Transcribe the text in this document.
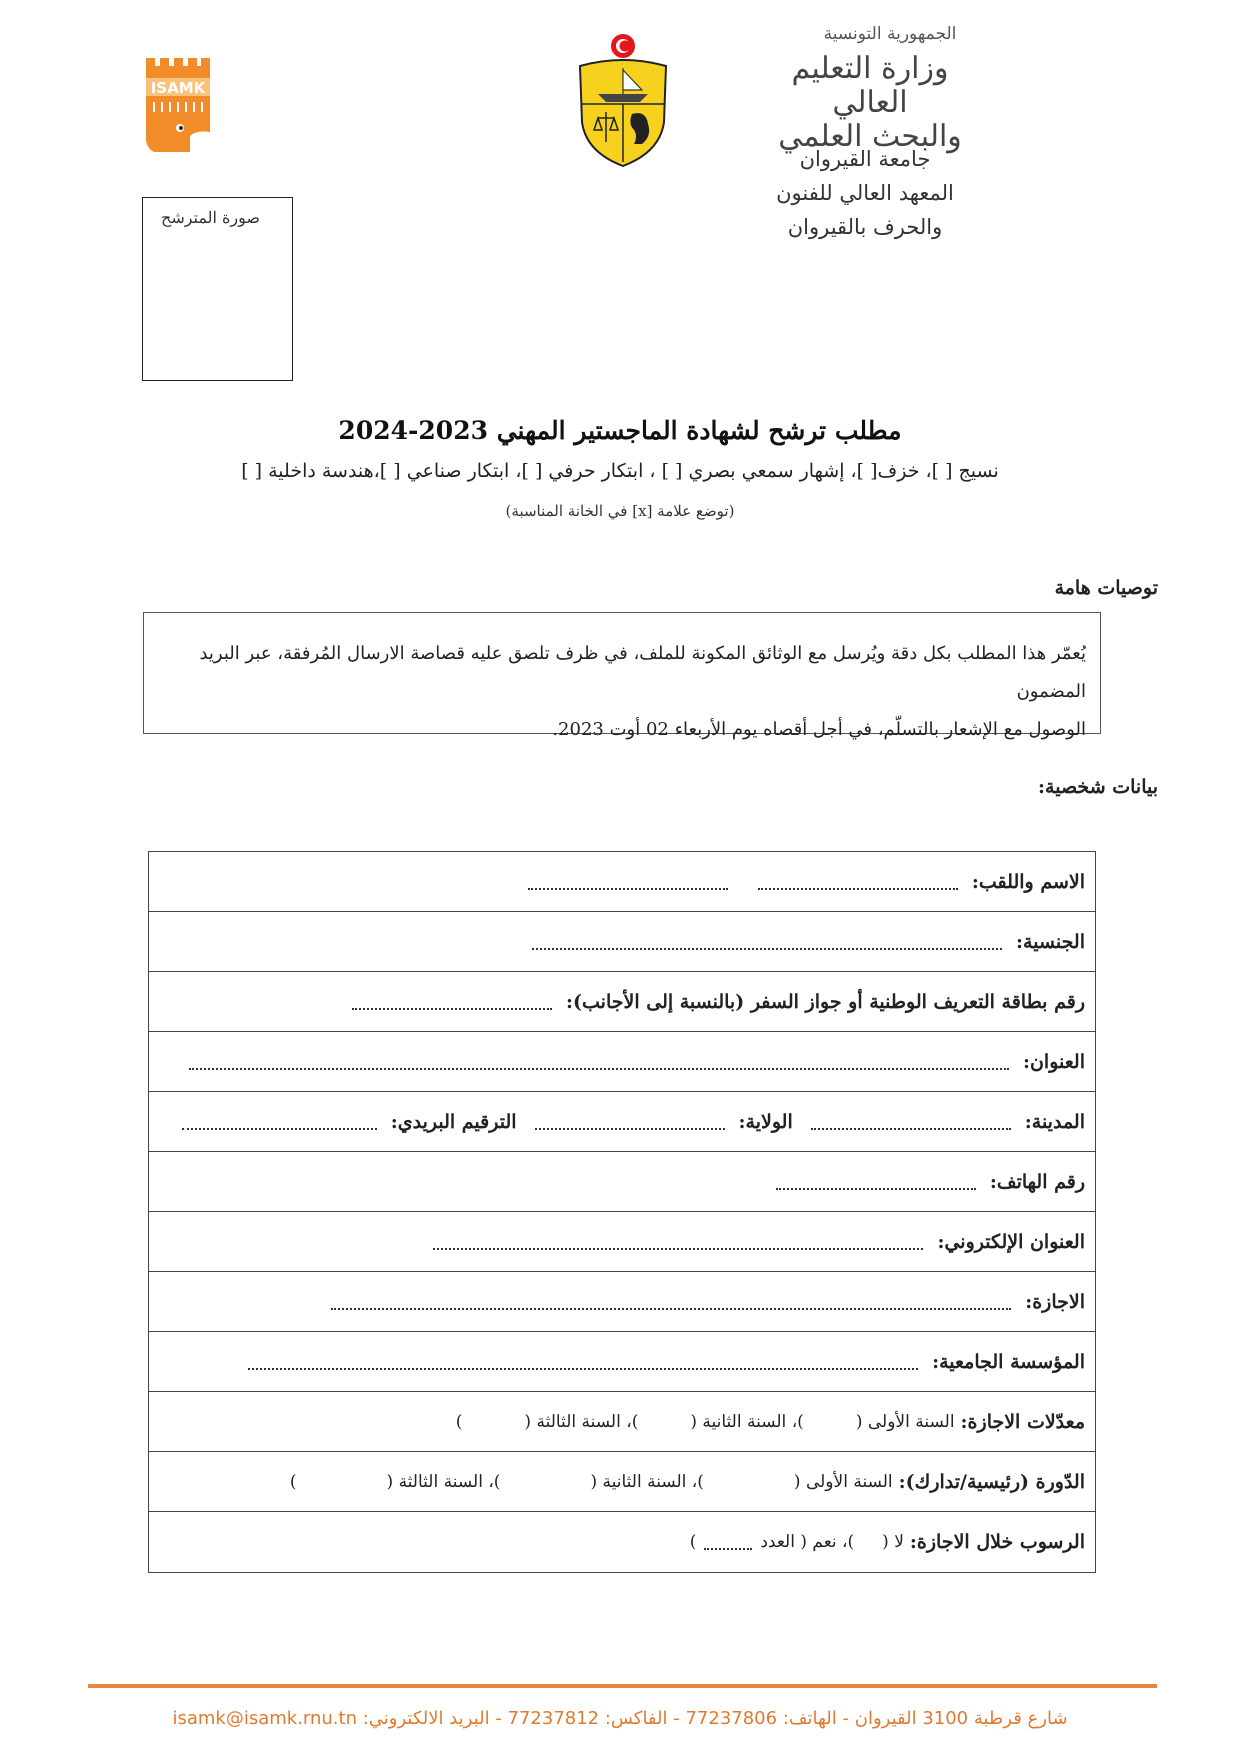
الجمهورية التونسية
وزارة التعليم العالي
والبحث العلمي
جامعة القيروان
المعهد العالي للفنون
والحرف بالقيروان
ISAMK
صورة المترشح
مطلب ترشح لشهادة الماجستير المهني 2023-2024
نسيج [ ]، خزف[ ]، إشهار سمعي بصري [ ] ، ابتكار حرفي [ ]، ابتكار صناعي [ ]،هندسة داخلية [ ]
(توضع علامة [x] في الخانة المناسبة)
توصيات هامة
يُعمّر هذا المطلب بكل دقة ويُرسل مع الوثائق المكونة للملف، في ظرف تلصق عليه قصاصة الارسال المُرفقة، عبر البريد المضمون
الوصول مع الإشعار بالتسلّم، في أجل أقصاه يوم الأربعاء 02 أوت 2023.
بيانات شخصية:
الاسم واللقب:
الجنسية:
رقم بطاقة التعريف الوطنية أو جواز السفر (بالنسبة إلى الأجانب):
العنوان:
المدينة:
الولاية:
الترقيم البريدي:
رقم الهاتف:
العنوان الإلكتروني:
الاجازة:
المؤسسة الجامعية:
معدّلات الاجازة:
السنة الأولى (
)، السنة الثانية (
)، السنة الثالثة (
)
الدّورة (رئيسية/تدارك):
السنة الأولى (
)، السنة الثانية (
)، السنة الثالثة (
)
الرسوب خلال الاجازة:
لا (
)، نعم ( العدد
)
شارع قرطبة 3100 القيروان - الهاتف: 77237806 - الفاكس: 77237812 - البريد الالكتروني: isamk@isamk.rnu.tn
